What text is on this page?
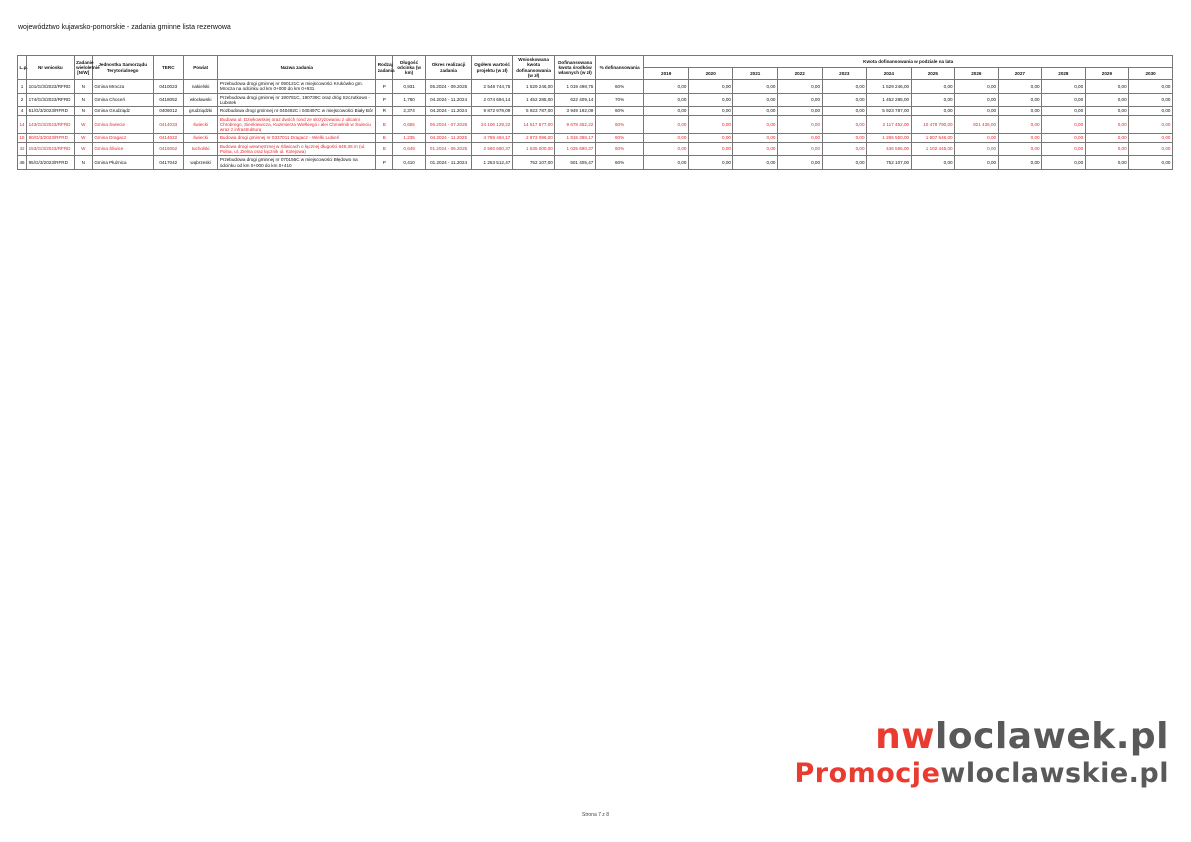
województwo kujawsko-pomorskie - zadania gminne lista rezerwowa
L.p.	Nr wniosku	Zadanie wieloletnie [N/W]	Jednostka Samorządu Terytorialnego	TERC	Powiat	Nazwa zadania	Rodzaj zadania	Długość odcinka (w km)	Okres realizacji zadania	Ogółem wartość projektu (w zł)	Wnioskowana kwota dofinansowania (w zł)	Dofinansowana kwota środków własnych (w zł)	% dofinansowania	Kwota dofinansowania w podziale na lata											
														2019	2020	2021	2022	2023	2024	2025	2026	2027	2028	2029	2030
1	101/G/3/2023/RFRD	N	Gmina Mrocza	0410023	nakielski	Przebudowa drogi gminnej nr 090121C w miejscowości Krukówko gm. Mrocza na odcinku od km 0+000 do km 0+931	P	0,931	05.2024 - 09.2025	2 548 744,75	1 529 246,00	1 019 498,75	60%	0,00	0,00	0,00	0,00	0,00	1 529 246,00	0,00	0,00	0,00	0,00	0,00	0,00
2	174/G/3/2023/RFRD	N	Gmina Choceń	0418052	włocławski	Przebudowa drogi gminnej nr 190781C, 190739C oraz dróg Szczutkowo - Lubotek	P	1,780	04.2024 - 11.2024	2 074 694,14	1 452 285,00	622 409,14	70%	0,00	0,00	0,00	0,00	0,00	1 452 285,00	0,00	0,00	0,00	0,00	0,00	0,00
4	51/G/3/2023/RFRD	N	Gmina Grudziądz	0406012	grudziądzki	Rozbudowa drogi gminnej nr 040492C i 040497C w miejscowości Biały Bór	R	2,374	04.2024 - 11.2024	9 872 979,09	5 923 787,00	3 949 192,09	60%	0,00	0,00	0,00	0,00	0,00	5 923 787,00	0,00	0,00	0,00	0,00	0,00	0,00
14	143/G/3/2023/RFRD	W	Gmina Świecie	0414033	świecki	Budowa ul. Dziękowskiej oraz dwóch rond ze skrzyżowaniu z ulicami Chrobrego, Sienkiewicza, Kazimierza Wielkiego i alei Chmielnik w Świeciu wraz z infrastrukturą	B	0,655	06.2024 - 07.2026	24 106 129,22	14 517 677,00	9 678 452,22	60%	0,00	0,00	0,00	0,00	0,00	2 117 452,00	10 478 790,00	921 435,00	0,00	0,00	0,00	0,00
15	90/G/3/2023/RFRD	W	Gmina Dragacz	0414022	świecki	Budowa drogi gminnej nr 0337011 Dragacz - Wielki Lubień	B	1,235	04.2024 - 11.2025	4 788 494,17	2 873 096,00	1 915 398,17	60%	0,00	0,00	0,00	0,00	0,00	1 265 550,00	1 607 546,00	0,00	0,00	0,00	0,00	0,00
32	153/G/3/2023/RFRD	W	Gmina Śliwice	0416052	tucholski	Budowa drogi wewnętrznej w Śliwicach o łącznej długości 649,36 m (ul. Polna, ul. Zielna oraz łącznik ul. Kolejowa)	B	0,649	01.2024 - 06.2025	2 560 690,37	1 535 000,00	1 025 690,37	60%	0,00	0,00	0,00	0,00	0,00	436 555,00	1 102 445,00	0,00	0,00	0,00	0,00	0,00
46	95/G/3/2023/RFRD	N	Gmina Płużnica	0417042	wąbrzeski	Przebudowa drogi gminnej nr 070156C w miejscowości Błędowo na odcinku od km 0+000 do km 0+410	P	0,410	01.2024 - 11.2024	1 253 512,47	752 107,00	501 405,47	60%	0,00	0,00	0,00	0,00	0,00	752 107,00	0,00	0,00	0,00	0,00	0,00	0,00
Strona 7 z 8
nwloclawek.pl
Promocjewloclawskie.pl
